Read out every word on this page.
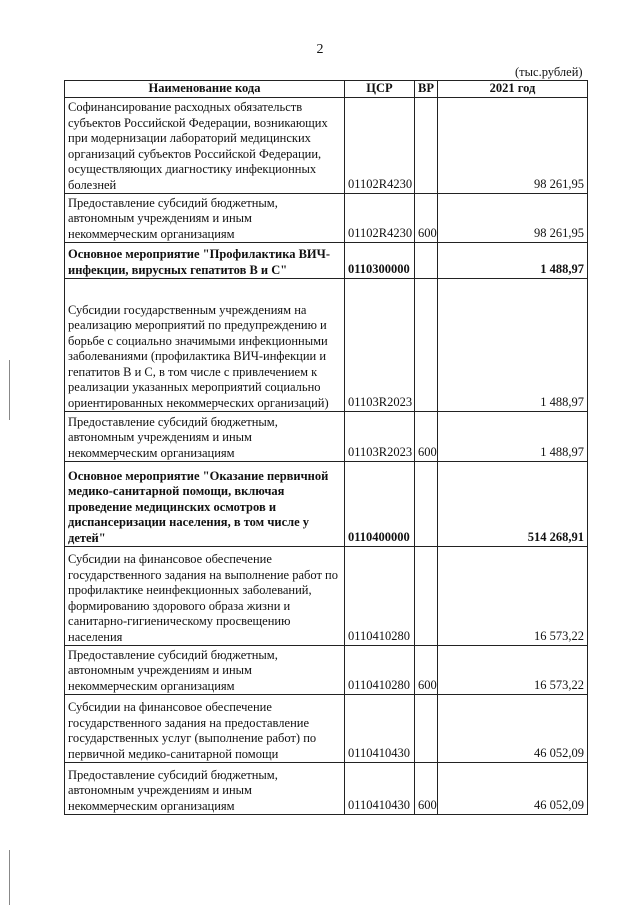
2
(тыс.рублей)
Наименование кода	ЦСР	ВР	2021 год
Софинансирование расходных обязательств субъектов Российской Федерации, возникающих при модернизации лабораторий медицинских организаций субъектов Российской Федерации, осуществляющих диагностику инфекционных болезней	01102R4230		98 261,95
Предоставление субсидий бюджетным, автономным учреждениям и иным некоммерческим организациям	01102R4230	600	98 261,95
Основное мероприятие "Профилактика ВИЧ-инфекции, вирусных гепатитов В и С"	0110300000		1 488,97
Субсидии государственным учреждениям на реализацию мероприятий по предупреждению и борьбе с социально значимыми инфекционными заболеваниями (профилактика ВИЧ-инфекции и гепатитов В и С, в том числе с привлечением к реализации указанных мероприятий социально ориентированных некоммерческих организаций)	01103R2023		1 488,97
Предоставление субсидий бюджетным, автономным учреждениям и иным некоммерческим организациям	01103R2023	600	1 488,97
Основное мероприятие "Оказание первичной медико-санитарной помощи, включая проведение медицинских осмотров и диспансеризации населения, в том числе у детей"	0110400000		514 268,91
Субсидии на финансовое обеспечение государственного задания на выполнение работ по профилактике неинфекционных заболеваний, формированию здорового образа жизни и санитарно-гигиеническому просвещению населения	0110410280		16 573,22
Предоставление субсидий бюджетным, автономным учреждениям и иным некоммерческим организациям	0110410280	600	16 573,22
Субсидии на финансовое обеспечение государственного задания на предоставление государственных услуг (выполнение работ) по первичной медико-санитарной помощи	0110410430		46 052,09
Предоставление субсидий бюджетным, автономным учреждениям и иным некоммерческим организациям	0110410430	600	46 052,09
